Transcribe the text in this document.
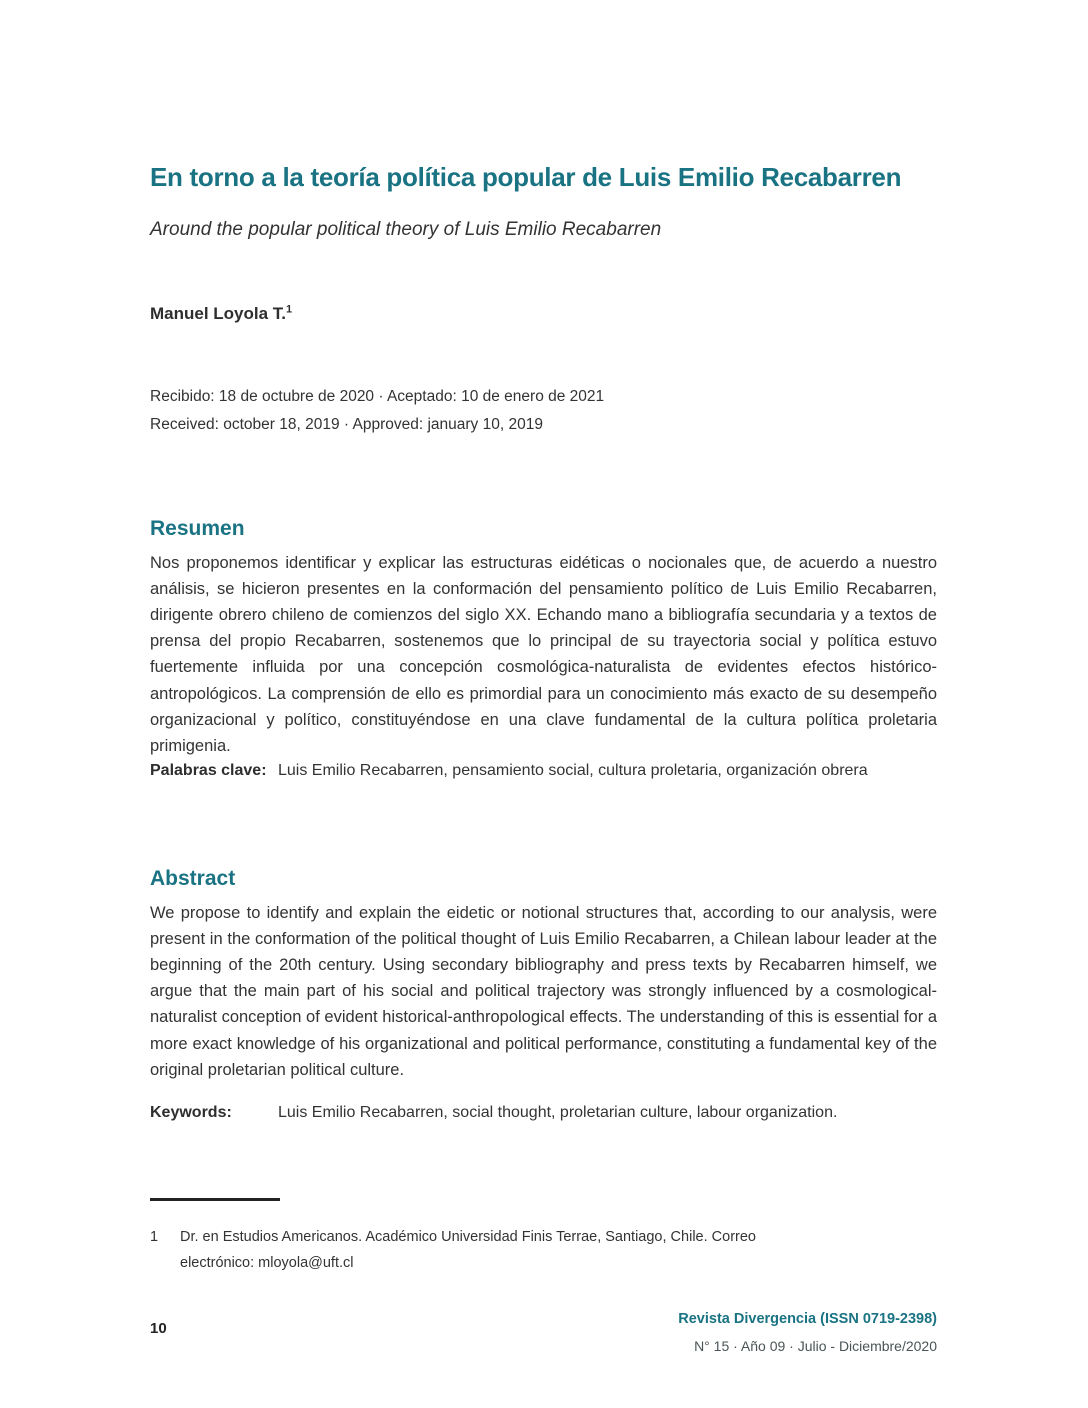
En torno a la teoría política popular de Luis Emilio Recabarren
Around the popular political theory of Luis Emilio Recabarren
Manuel Loyola T.$^1$
Recibido: 18 de octubre de 2020 · Aceptado: 10 de enero de 2021
Received: october 18, 2019 · Approved: january 10, 2019
Resumen

Nos proponemos identificar y explicar las estructuras eidéticas o nocionales que, de acuerdo a nuestro análisis, se hicieron presentes en la conformación del pensamiento político de Luis Emilio Recabarren, dirigente obrero chileno de comienzos del siglo XX. Echando mano a bibliografía secundaria y a textos de prensa del propio Recabarren, sostenemos que lo principal de su trayectoria social y política estuvo fuertemente influida por una concepción cosmológica-naturalista de evidentes efectos histórico-antropológicos. La comprensión de ello es primordial para un conocimiento más exacto de su desempeño organizacional y político, constituyéndose en una clave fundamental de la cultura política proletaria primigenia.

Palabras clave: Luis Emilio Recabarren, pensamiento social, cultura proletaria, organización obrera
Abstract

We propose to identify and explain the eidetic or notional structures that, according to our analysis, were present in the conformation of the political thought of Luis Emilio Recabarren, a Chilean labour leader at the beginning of the 20th century. Using secondary bibliography and press texts by Recabarren himself, we argue that the main part of his social and political trajectory was strongly influenced by a cosmological-naturalist conception of evident historical-anthropological effects. The understanding of this is essential for a more exact knowledge of his organizational and political performance, constituting a fundamental key of the original proletarian political culture.

Keywords:	Luis Emilio Recabarren, social thought, proletarian culture, labour organization.
1	Dr. en Estudios Americanos. Académico Universidad Finis Terrae, Santiago, Chile. Correo electrónico: mloyola@uft.cl
10
Revista Divergencia (ISSN 0719-2398)
N° 15 · Año 09 · Julio - Diciembre/2020
